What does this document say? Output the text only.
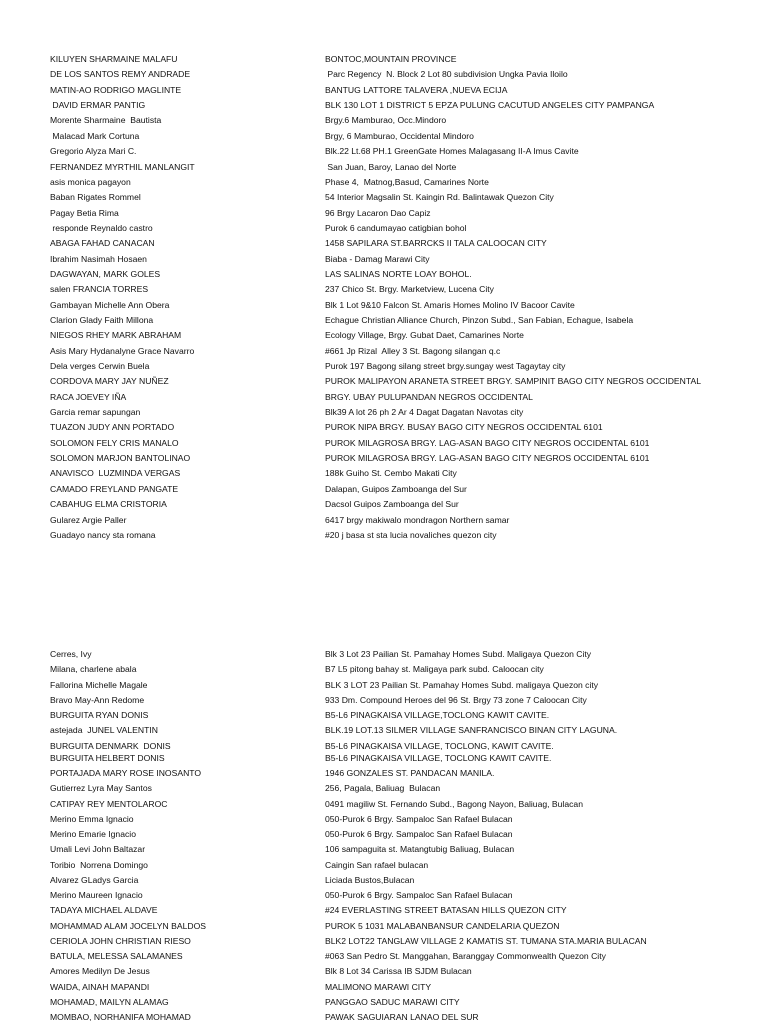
KILUYEN SHARMAINE MALAFU	BONTOC,MOUNTAIN PROVINCE
DE LOS SANTOS REMY ANDRADE	Parc Regency  N. Block 2 Lot 80 subdivision Ungka Pavia Iloilo
MATIN-AO RODRIGO MAGLINTE	BANTUG LATTORE TALAVERA ,NUEVA ECIJA
DAVID ERMAR PANTIG	BLK 130 LOT 1 DISTRICT 5 EPZA PULUNG CACUTUD ANGELES CITY PAMPANGA
Morente Sharmaine  Bautista	Brgy.6 Mamburao, Occ.Mindoro
Malacad Mark Cortuna	Brgy, 6 Mamburao, Occidental Mindoro
Gregorio Alyza Mari C.	Blk.22 Lt.68 PH.1 GreenGate Homes Malagasang II-A Imus Cavite
FERNANDEZ MYRTHIL MANLANGIT	San Juan, Baroy, Lanao del Norte
asis monica pagayon	Phase 4,  Matnog,Basud, Camarines Norte
Baban Rigates Rommel	54 Interior Magsalin St. Kaingin Rd. Balintawak Quezon City
Pagay Betia Rima	96 Brgy Lacaron Dao Capiz
responde Reynaldo castro	Purok 6 candumayao catigbian bohol
ABAGA FAHAD CANACAN	1458 SAPILARA ST.BARRCKS II TALA CALOOCAN CITY
Ibrahim Nasimah Hosaen	Biaba - Damag Marawi City
DAGWAYAN, MARK GOLES	LAS SALINAS NORTE LOAY BOHOL.
salen FRANCIA TORRES	237 Chico St. Brgy. Marketview, Lucena City
Gambayan Michelle Ann Obera	Blk 1 Lot 9&10 Falcon St. Amaris Homes Molino IV Bacoor Cavite
Clarion Glady Faith Millona	Echague Christian Alliance Church, Pinzon Subd., San Fabian, Echague, Isabela
NIEGOS RHEY MARK ABRAHAM	Ecology Village, Brgy. Gubat Daet, Camarines Norte
Asis Mary Hydanalyne Grace Navarro	#661 Jp Rizal  Alley 3 St. Bagong silangan q.c
Dela verges Cerwin Buela	Purok 197 Bagong silang street brgy.sungay west Tagaytay city
CORDOVA MARY JAY NUÑEZ	PUROK MALIPAYON ARANETA STREET BRGY. SAMPINIT BAGO CITY NEGROS OCCIDENTAL
RACA JOEVEY IÑA	BRGY. UBAY PULUPANDAN NEGROS OCCIDENTAL
Garcia remar sapungan	Blk39 A lot 26 ph 2 Ar 4 Dagat Dagatan Navotas city
TUAZON JUDY ANN PORTADO	PUROK NIPA BRGY. BUSAY BAGO CITY NEGROS OCCIDENTAL 6101
SOLOMON FELY CRIS MANALO	PUROK MILAGROSA BRGY. LAG-ASAN BAGO CITY NEGROS OCCIDENTAL 6101
SOLOMON MARJON BANTOLINAO	PUROK MILAGROSA BRGY. LAG-ASAN BAGO CITY NEGROS OCCIDENTAL 6101
ANAVISCO  LUZMINDA VERGAS	188k Guiho St. Cembo Makati City
CAMADO FREYLAND PANGATE	Dalapan, Guipos Zamboanga del Sur
CABAHUG ELMA CRISTORIA	Dacsol Guipos Zamboanga del Sur
Gularez Argie Paller	6417 brgy makiwalo mondragon Northern samar
Guadayo nancy sta romana	#20 j basa st sta lucia novaliches quezon city
Cerres, Ivy	Blk 3 Lot 23 Pailian St. Pamahay Homes Subd. Maligaya Quezon City
Milana, charlene abala	B7 L5 pitong bahay st. Maligaya park subd. Caloocan city
Fallorina Michelle Magale	BLK 3 LOT 23 Pailian St. Pamahay Homes Subd. maligaya Quezon city
Bravo May-Ann Redome	933 Dm. Compound Heroes del 96 St. Brgy 73 zone 7 Caloocan City
BURGUITA RYAN DONIS	B5-L6 PINAGKAISA VILLAGE,TOCLONG KAWIT CAVITE.
astejada  JUNEL VALENTIN	BLK.19 LOT.13 SILMER VILLAGE SANFRANCISCO BINAN CITY LAGUNA.
BURGUITA DENMARK  DONIS	B5-L6 PINAGKAISA VILLAGE, TOCLONG, KAWIT CAVITE.
BURGUITA HELBERT DONIS	B5-L6 PINAGKAISA VILLAGE, TOCLONG KAWIT CAVITE.
PORTAJADA MARY ROSE INOSANTO	1946 GONZALES ST. PANDACAN MANILA.
Gutierrez Lyra May Santos	256, Pagala, Baliuag  Bulacan
CATIPAY REY MENTOLAROC	0491 magiliw St. Fernando Subd., Bagong Nayon, Baliuag, Bulacan
Merino Emma Ignacio	050-Purok 6 Brgy. Sampaloc San Rafael Bulacan
Merino Emarie Ignacio	050-Purok 6 Brgy. Sampaloc San Rafael Bulacan
Umali Levi John Baltazar	106 sampaguita st. Matangtubig Baliuag, Bulacan
Toribio  Norrena Domingo	Caingin San rafael bulacan
Alvarez GLadys Garcia	Liciada Bustos,Bulacan
Merino Maureen Ignacio	050-Purok 6 Brgy. Sampaloc San Rafael Bulacan
TADAYA MICHAEL ALDAVE	#24 EVERLASTING STREET BATASAN HILLS QUEZON CITY
MOHAMMAD ALAM JOCELYN BALDOS	PUROK 5 1031 MALABANBANSUR CANDELARIA QUEZON
CERIOLA JOHN CHRISTIAN RIESO	BLK2 LOT22 TANGLAW VILLAGE 2 KAMATIS ST. TUMANA STA.MARIA BULACAN
BATULA, MELESSA SALAMANES	#063 San Pedro St. Manggahan, Baranggay Commonwealth Quezon City
Amores Medilyn De Jesus	Blk 8 Lot 34 Carissa IB SJDM Bulacan
WAIDA, AINAH MAPANDI	MALIMONO MARAWI CITY
MOHAMAD, MAILYN ALAMAG	PANGGAO SADUC MARAWI CITY
MOMBAO, NORHANIFA MOHAMAD	PAWAK SAGUIARAN LANAO DEL SUR
